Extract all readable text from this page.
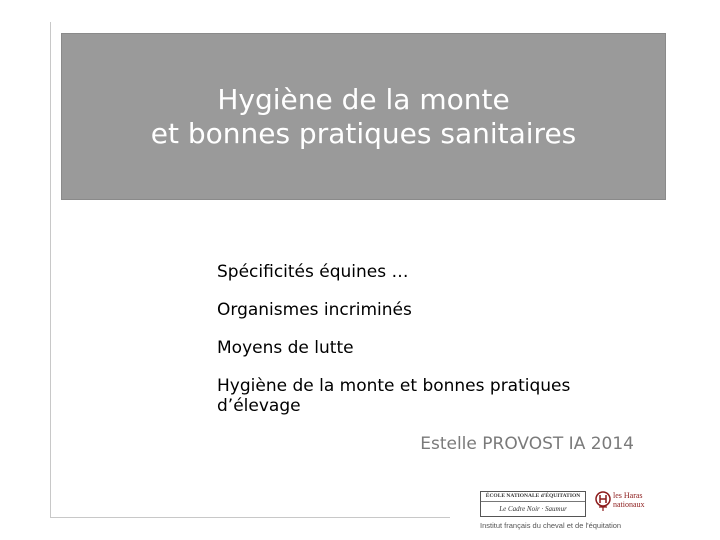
Hygiène de la monte
et bonnes pratiques sanitaires
Spécificités équines …
Organismes incriminés
Moyens de lutte
Hygiène de la monte et bonnes pratiques d’élevage
Estelle PROVOST IA 2014
ÉCOLE NATIONALE d'ÉQUITATION
Le Cadre Noir · Saumur
les Haras
nationaux
Institut français du cheval et de l'équitation
